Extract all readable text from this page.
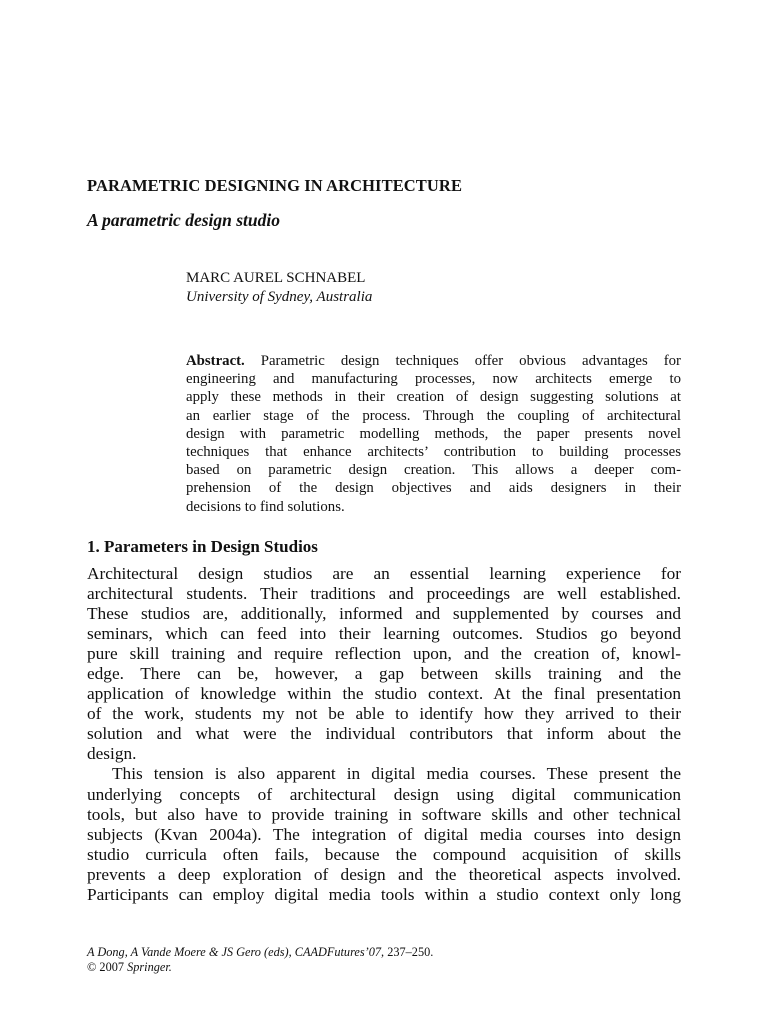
PARAMETRIC DESIGNING IN ARCHITECTURE
A parametric design studio
MARC AUREL SCHNABEL
University of Sydney, Australia
Abstract. Parametric design techniques offer obvious advantages for
engineering and manufacturing processes, now architects emerge to
apply these methods in their creation of design suggesting solutions at
an earlier stage of the process. Through the coupling of architectural
design with parametric modelling methods, the paper presents novel
techniques that enhance architects’ contribution to building processes
based on parametric design creation. This allows a deeper com-
prehension of the design objectives and aids designers in their
decisions to find solutions.
1. Parameters in Design Studios
Architectural design studios are an essential learning experience for
architectural students. Their traditions and proceedings are well established.
These studios are, additionally, informed and supplemented by courses and
seminars, which can feed into their learning outcomes. Studios go beyond
pure skill training and require reflection upon, and the creation of, knowl-
edge. There can be, however, a gap between skills training and the
application of knowledge within the studio context. At the final presentation
of the work, students my not be able to identify how they arrived to their
solution and what were the individual contributors that inform about the
design.
This tension is also apparent in digital media courses. These present the
underlying concepts of architectural design using digital communication
tools, but also have to provide training in software skills and other technical
subjects (Kvan 2004a). The integration of digital media courses into design
studio curricula often fails, because the compound acquisition of skills
prevents a deep exploration of design and the theoretical aspects involved.
Participants can employ digital media tools within a studio context only long
A Dong, A Vande Moere & JS Gero (eds), CAADFutures’07, 237–250.
© 2007 Springer.
